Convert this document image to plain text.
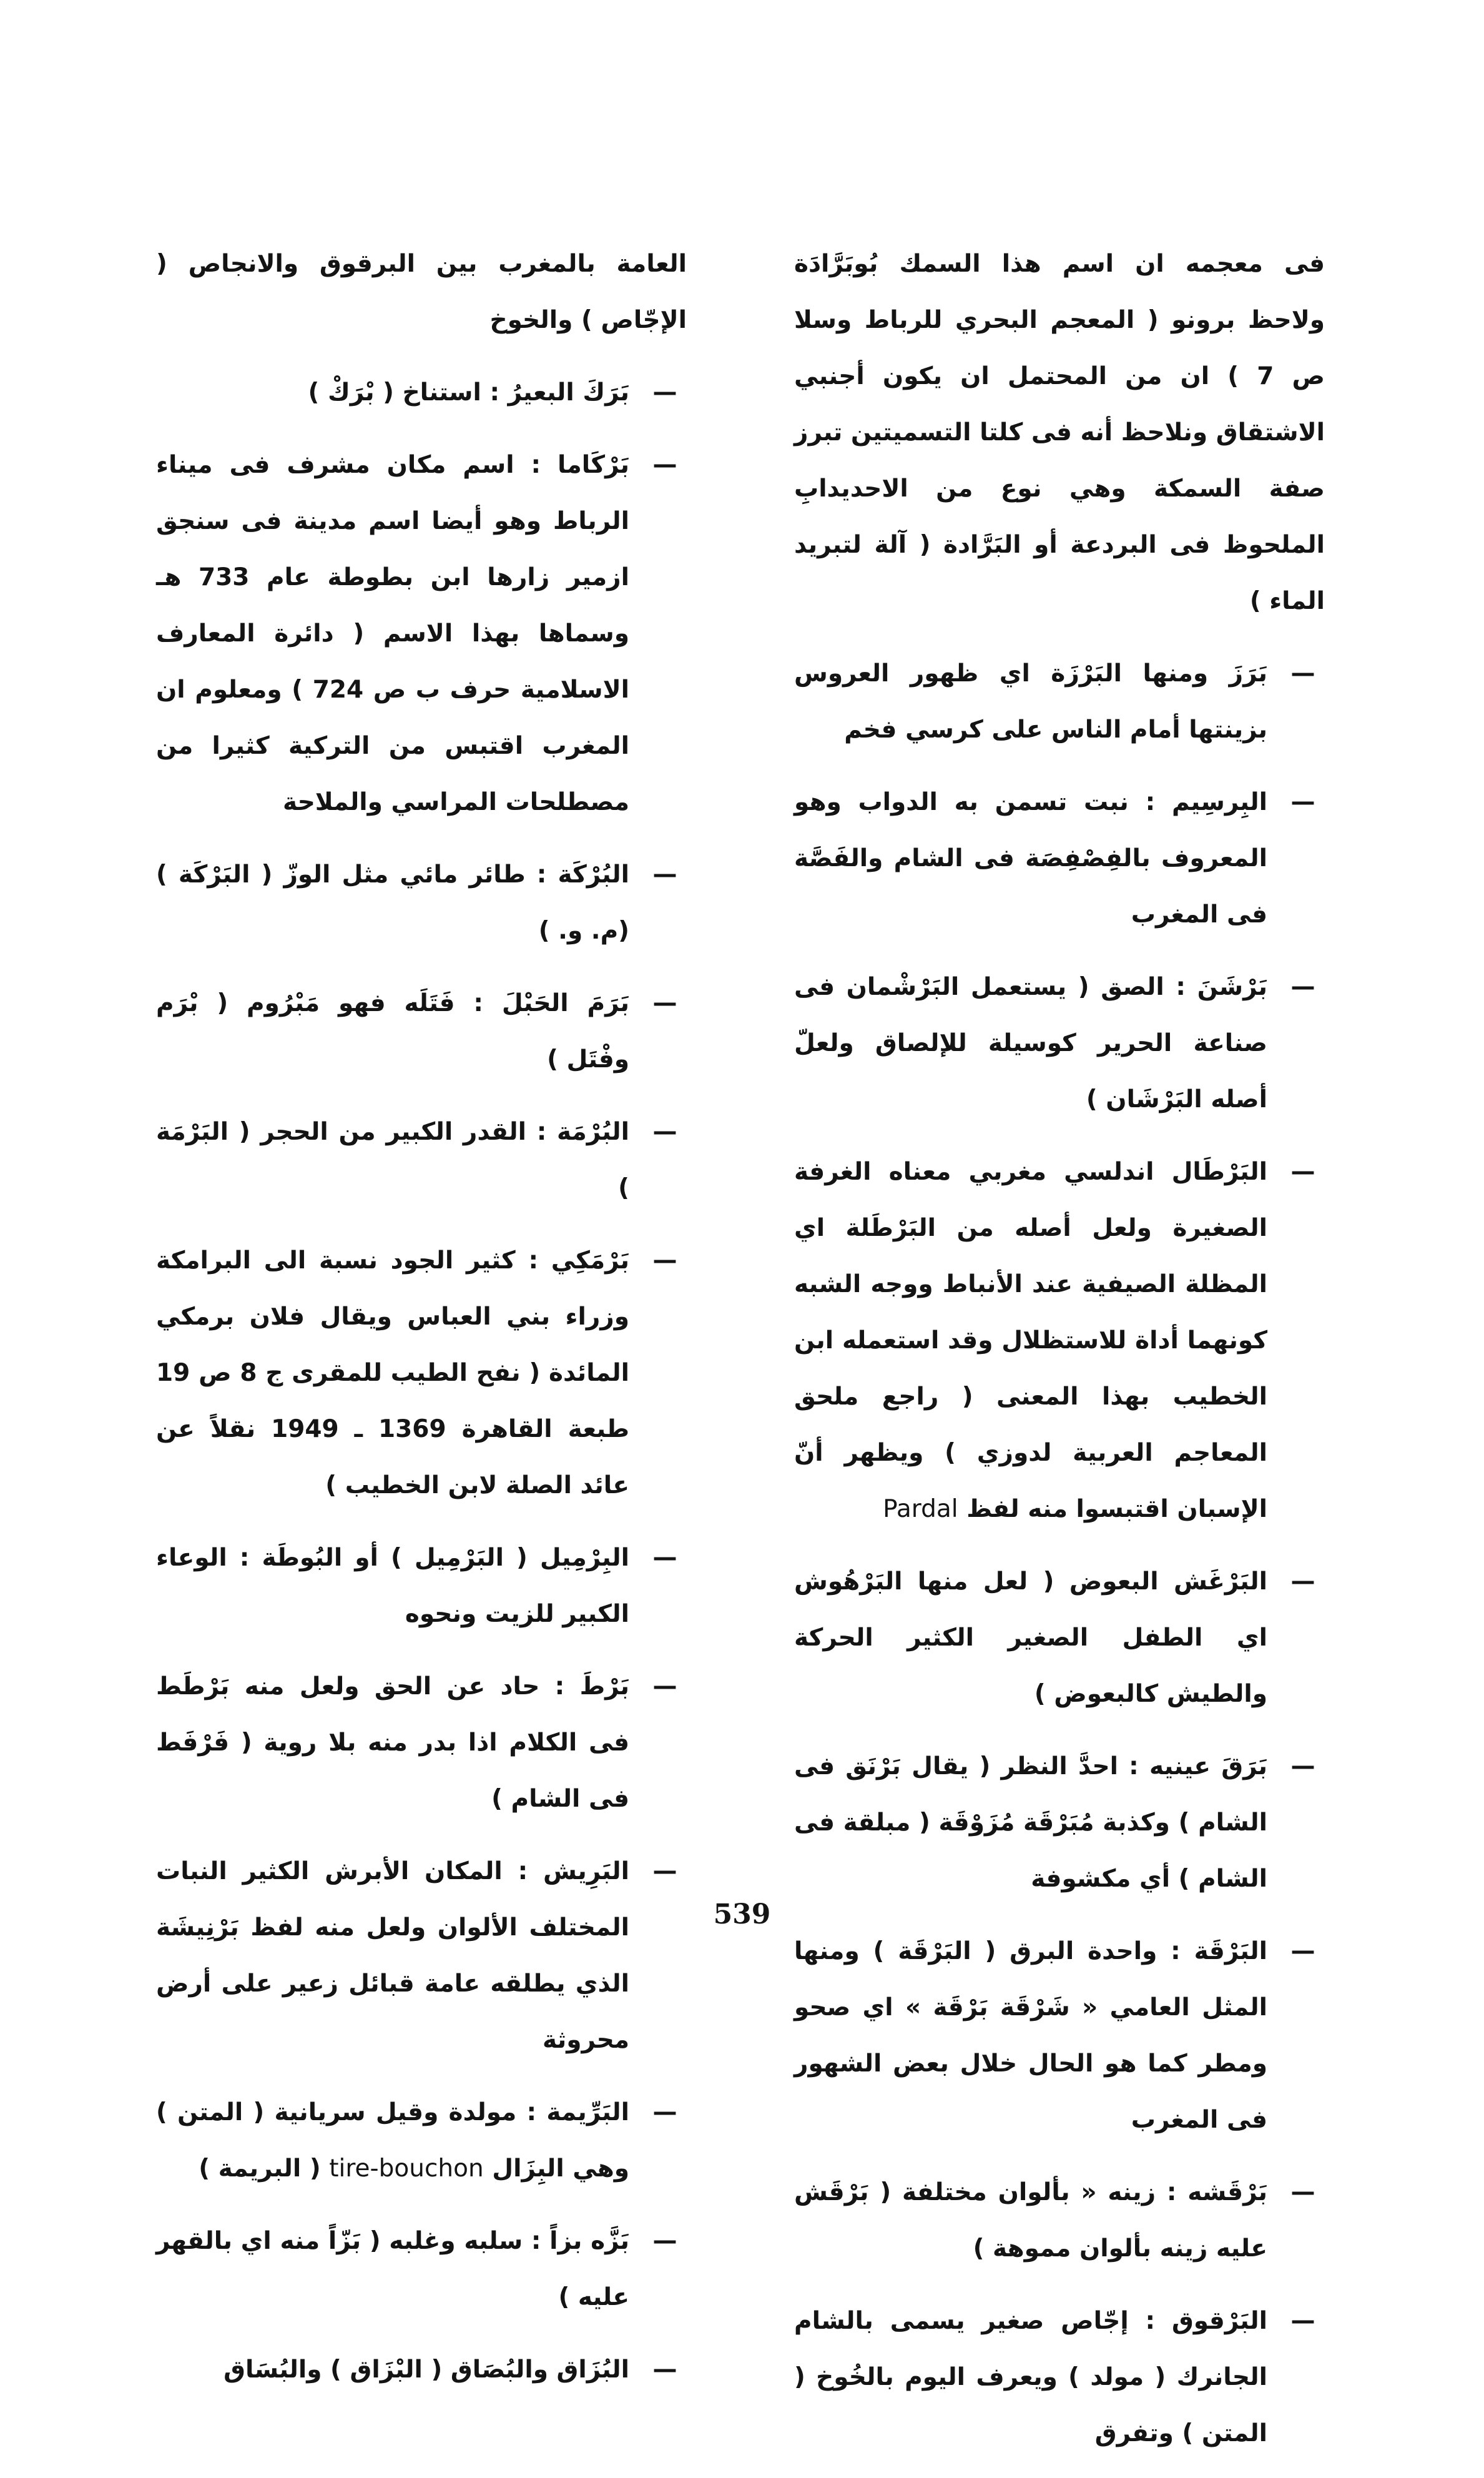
فى معجمه ان اسم هذا السمك بُوبَرَّادَة ولاحظ برونو ( المعجم البحري للرباط وسلا ص 7 ) ان من المحتمل ان يكون أجنبي الاشتقاق ونلاحظ أنه فى كلتا التسميتين تبرز صفة السمكة وهي نوع من الاحديدابِ الملحوظ فى البردعة أو البَرَّادة ( آلة لتبريد الماء )
—
بَرَزَ ومنها البَرْزَة اي ظهور العروس بزينتها أمام الناس على كرسي فخم
—
البِرسِيم : نبت تسمن به الدواب وهو المعروف بالفِصْفِصَة فى الشام والفَصَّة فى المغرب
—
بَرْشَنَ : الصق ( يستعمل البَرْشْمان فى صناعة الحرير كوسيلة للإلصاق ولعلّ أصله البَرْشَان )
—
البَرْطَال اندلسي مغربي معناه الغرفة الصغيرة ولعل أصله من البَرْطَلة اي المظلة الصيفية عند الأنباط ووجه الشبه كونهما أداة للاستظلال وقد استعمله ابن الخطيب بهذا المعنى ( راجع ملحق المعاجم العربية لدوزي ) ويظهر أنّ الإسبان اقتبسوا منه لفظ Pardal
—
البَرْغَش البعوض ( لعل منها البَرْهُوش اي الطفل الصغير الكثير الحركة والطيش كالبعوض )
—
بَرَقَ عينيه : احدَّ النظر ( يقال بَرْنَق فى الشام ) وكذبة مُبَرْقَة مُزَوْقَة ( مبلقة فى الشام ) أي مكشوفة
—
البَرْقَة : واحدة البرق ( البَرْقَة ) ومنها المثل العامي « شَرْقَة بَرْقَة » اي صحو ومطر كما هو الحال خلال بعض الشهور فى المغرب
—
بَرْقَشه : زينه « بألوان مختلفة ( بَرْقَش عليه زينه بألوان مموهة )
—
البَرْقوق : إجّاص صغير يسمى بالشام الجانرك ( مولد ) ويعرف اليوم بالخُوخ ( المتن ) وتفرق
العامة بالمغرب بين البرقوق والانجاص ( الإجّاص ) والخوخ
—
بَرَكَ البعيرُ : استناخ ( بْرَكْ )
—
بَرْكَاما : اسم مكان مشرف فى ميناء الرباط وهو أيضا اسم مدينة فى سنجق ازمير زارها ابن بطوطة عام 733 هـ وسماها بهذا الاسم ( دائرة المعارف الاسلامية حرف ب ص 724 ) ومعلوم ان المغرب اقتبس من التركية كثيرا من مصطلحات المراسي والملاحة
—
البُرْكَة : طائر مائي مثل الوزّ ( البَرْكَة ) (م. و. )
—
بَرَمَ الحَبْلَ : فَتَلَه فهو مَبْرُوم ( بْرَم وفْتَل )
—
البُرْمَة : القدر الكبير من الحجر ( البَرْمَة )
—
بَرْمَكِي : كثير الجود نسبة الى البرامكة وزراء بني العباس ويقال فلان برمكي المائدة ( نفح الطيب للمقرى ج 8 ص 19 طبعة القاهرة 1369 ـ 1949 نقلاً عن عائد الصلة لابن الخطيب )
—
البِرْمِيل ( البَرْمِيل ) أو البُوطَة : الوعاء الكبير للزيت ونحوه
—
بَرْطَ : حاد عن الحق ولعل منه بَرْطَط فى الكلام اذا بدر منه بلا روية ( فَرْفَط فى الشام )
—
البَرِيش : المكان الأبرش الكثير النبات المختلف الألوان ولعل منه لفظ بَرْنِيشَة الذي يطلقه عامة قبائل زعير على أرض محروثة
—
البَرِّيمة : مولدة وقيل سريانية ( المتن ) وهي البِزَال tire-bouchon ( البريمة )
—
بَزَّه بزاً : سلبه وغلبه ( بَزّاً منه اي بالقهر عليه )
—
البُزَاق والبُصَاق ( البْزَاق ) والبُسَاق
539
